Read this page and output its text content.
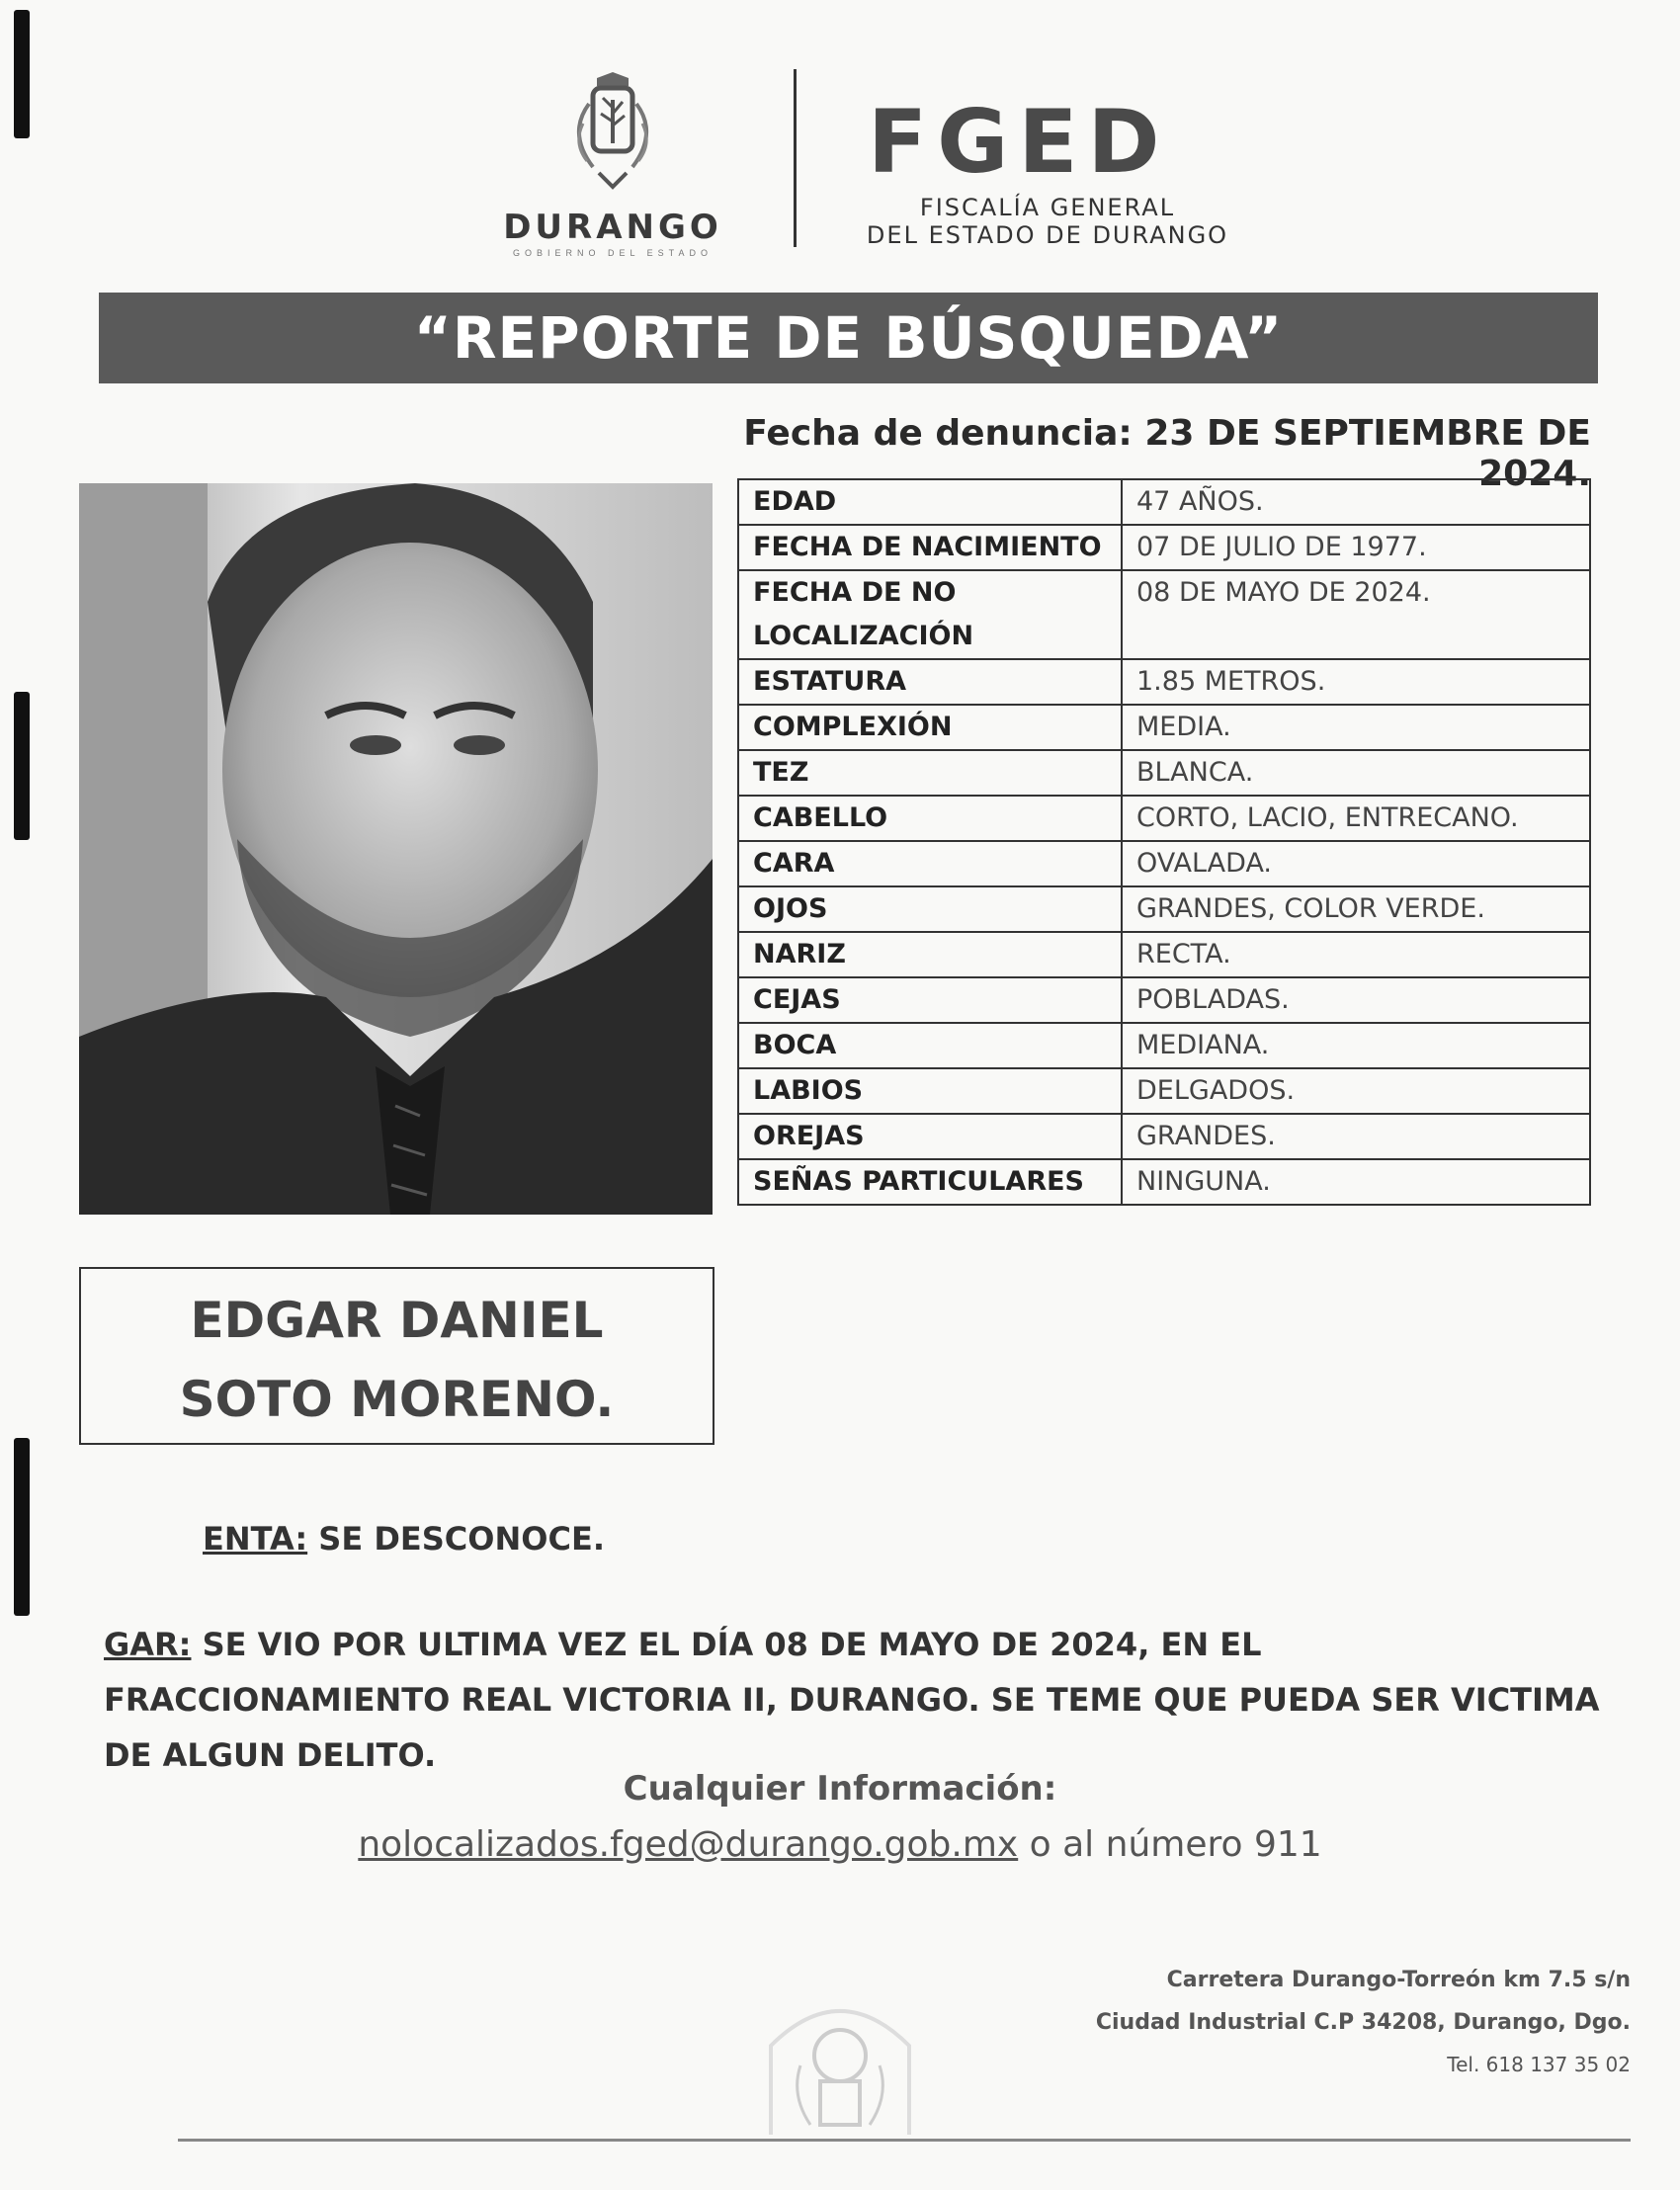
DURANGO
GOBIERNO DEL ESTADO
FGED
FISCALÍA GENERAL
DEL ESTADO DE DURANGO
“REPORTE DE BÚSQUEDA”
Fecha de denuncia: 23 DE SEPTIEMBRE DE 2024.
EDAD	47 AÑOS.
FECHA DE NACIMIENTO	07 DE JULIO DE 1977.
FECHA DE NO LOCALIZACIÓN	08 DE MAYO DE 2024.
ESTATURA	1.85 METROS.
COMPLEXIÓN	MEDIA.
TEZ	BLANCA.
CABELLO	CORTO, LACIO, ENTRECANO.
CARA	OVALADA.
OJOS	GRANDES, COLOR VERDE.
NARIZ	RECTA.
CEJAS	POBLADAS.
BOCA	MEDIANA.
LABIOS	DELGADOS.
OREJAS	GRANDES.
SEÑAS PARTICULARES	NINGUNA.
EDGAR DANIEL
SOTO MORENO.
ENTA: SE DESCONOCE.
GAR: SE VIO POR ULTIMA VEZ EL DÍA 08 DE MAYO DE 2024, EN EL FRACCIONAMIENTO REAL VICTORIA II, DURANGO. SE TEME QUE PUEDA SER VICTIMA DE ALGUN DELITO.
Cualquier Información:
nolocalizados.fged@durango.gob.mx o al número 911
Carretera Durango-Torreón km 7.5 s/n
Ciudad Industrial C.P 34208, Durango, Dgo.
Tel. 618 137 35 02
